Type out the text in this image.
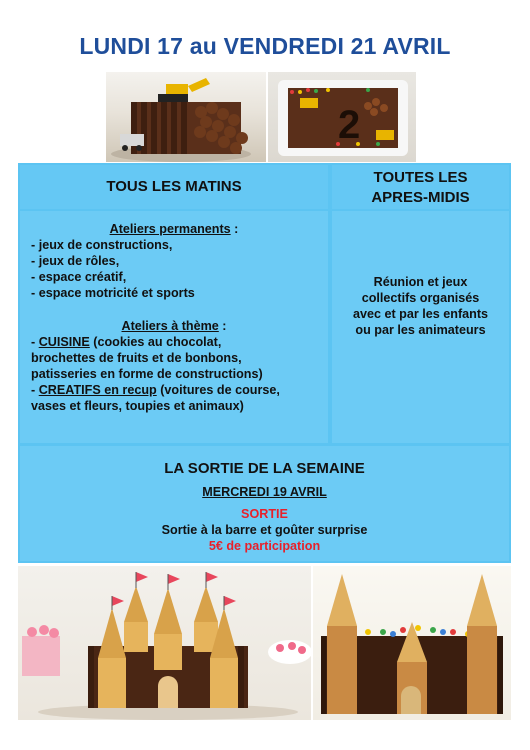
LUNDI 17 au VENDREDI 21 AVRIL
2
TOUS LES MATINS
TOUTES LES
APRES-MIDIS
Ateliers permanents :
- jeux de constructions,
- jeux de rôles,
- espace créatif,
- espace motricité et sports
Ateliers à thème :
- CUISINE (cookies au chocolat,
brochettes de fruits et de bonbons,
patisseries en forme de constructions)
- CREATIFS en recup (voitures de course,
vases et fleurs, toupies et animaux)
Réunion et jeux
collectifs organisés
avec et par les enfants
ou par les animateurs
LA SORTIE DE LA SEMAINE
MERCREDI 19 AVRIL
SORTIE
Sortie à la barre et goûter surprise
5€ de participation
